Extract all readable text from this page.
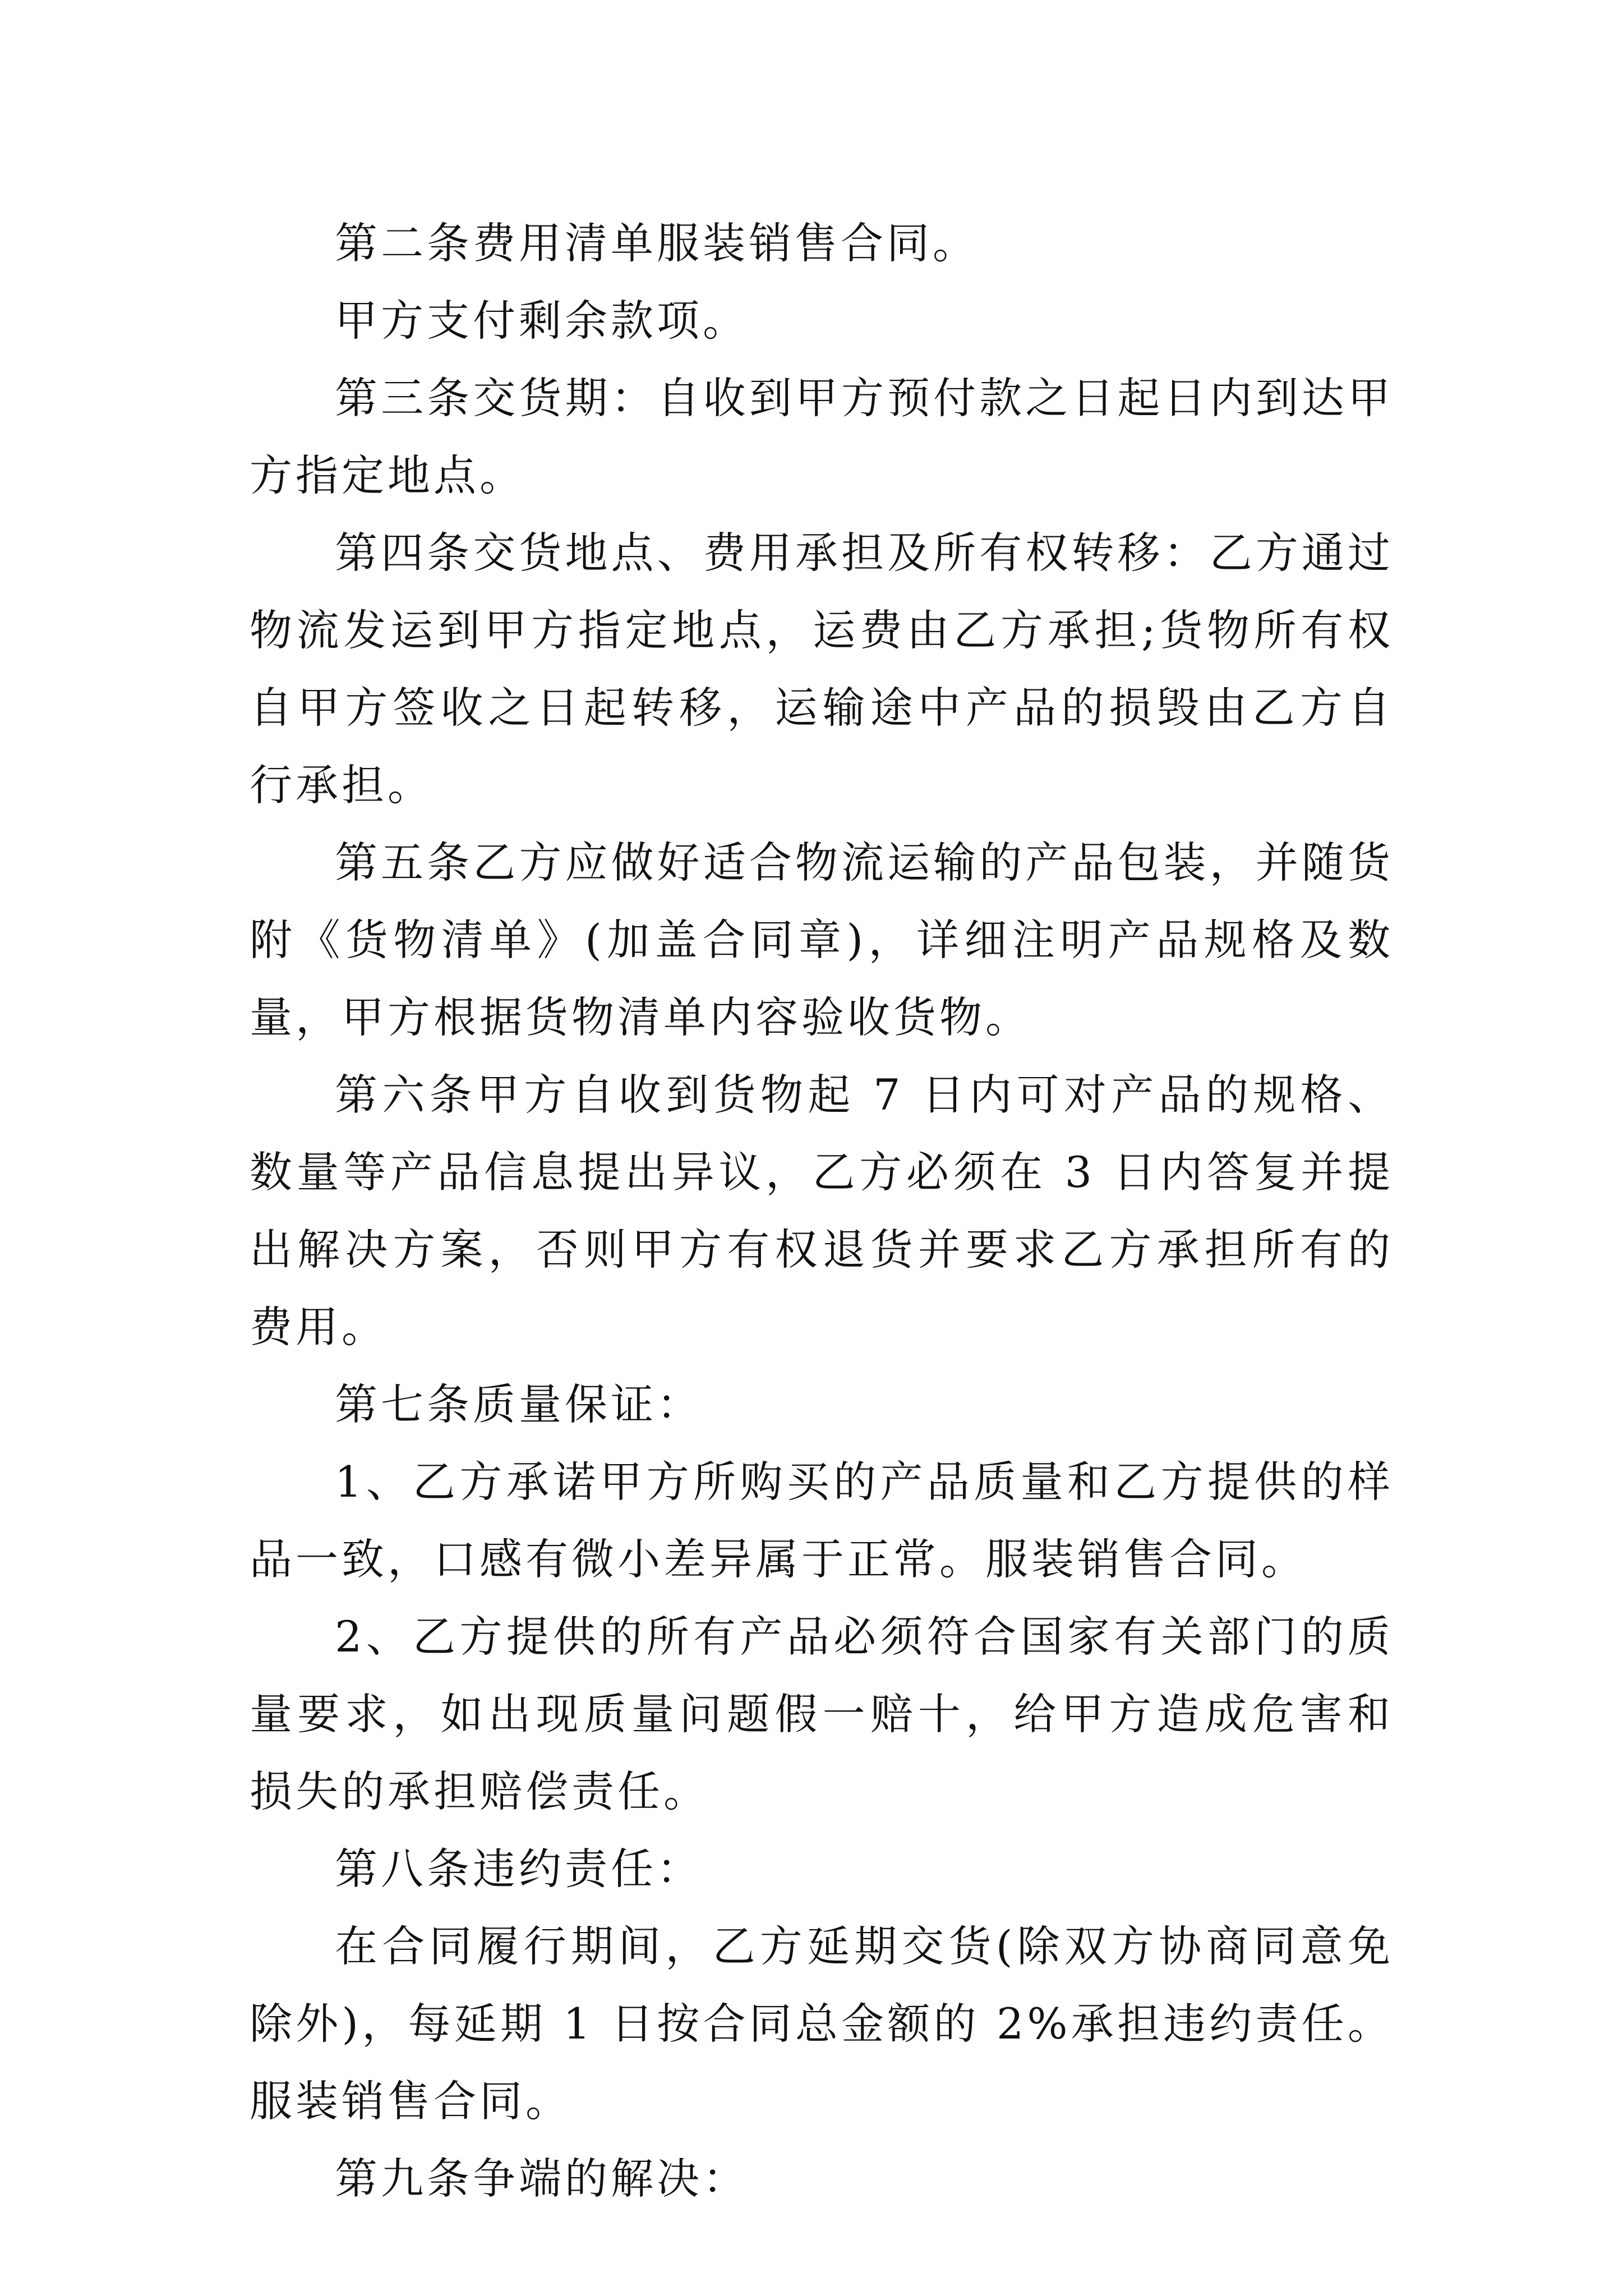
第二条费用清单服装销售合同。

甲方支付剩余款项。

第三条交货期：自收到甲方预付款之日起日内到达甲方指定地点。

第四条交货地点、费用承担及所有权转移：乙方通过物流发运到甲方指定地点，运费由乙方承担;货物所有权自甲方签收之日起转移，运输途中产品的损毁由乙方自行承担。

第五条乙方应做好适合物流运输的产品包装，并随货附《货物清单》(加盖合同章)，详细注明产品规格及数量，甲方根据货物清单内容验收货物。

第六条甲方自收到货物起 7 日内可对产品的规格、数量等产品信息提出异议，乙方必须在 3 日内答复并提出解决方案，否则甲方有权退货并要求乙方承担所有的费用。

第七条质量保证：

1、乙方承诺甲方所购买的产品质量和乙方提供的样品一致，口感有微小差异属于正常。服装销售合同。

2、乙方提供的所有产品必须符合国家有关部门的质量要求，如出现质量问题假一赔十，给甲方造成危害和损失的承担赔偿责任。

第八条违约责任：

在合同履行期间，乙方延期交货(除双方协商同意免除外)，每延期 1 日按合同总金额的 2%承担违约责任。服装销售合同。

第九条争端的解决：
